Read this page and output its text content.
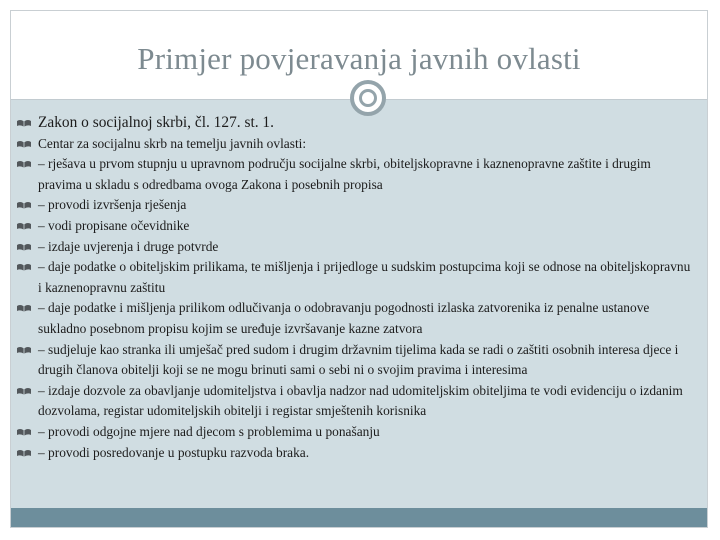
Primjer povjeravanja javnih ovlasti
Zakon o socijalnoj skrbi, čl. 127. st. 1.
Centar za socijalnu skrb na temelju javnih ovlasti:
– rješava u prvom stupnju u upravnom području socijalne skrbi, obiteljskopravne i kaznenopravne zaštite i drugim pravima u skladu s odredbama ovoga Zakona i posebnih propisa
– provodi izvršenja rješenja
– vodi propisane očevidnike
– izdaje uvjerenja i druge potvrde
– daje podatke o obiteljskim prilikama, te mišljenja i prijedloge u sudskim postupcima koji se odnose na obiteljskopravnu i kaznenopravnu zaštitu
– daje podatke i mišljenja prilikom odlučivanja o odobravanju pogodnosti izlaska zatvorenika iz penalne ustanove sukladno posebnom propisu kojim se uređuje izvršavanje kazne zatvora
– sudjeluje kao stranka ili umješač pred sudom i drugim državnim tijelima kada se radi o zaštiti osobnih interesa djece i drugih članova obitelji koji se ne mogu brinuti sami o sebi ni o svojim pravima i interesima
– izdaje dozvole za obavljanje udomiteljstva i obavlja nadzor nad udomiteljskim obiteljima te vodi evidenciju o izdanim dozvolama, registar udomiteljskih obitelji i registar smještenih korisnika
– provodi odgojne mjere nad djecom s problemima u ponašanju
– provodi posredovanje u postupku razvoda braka.
